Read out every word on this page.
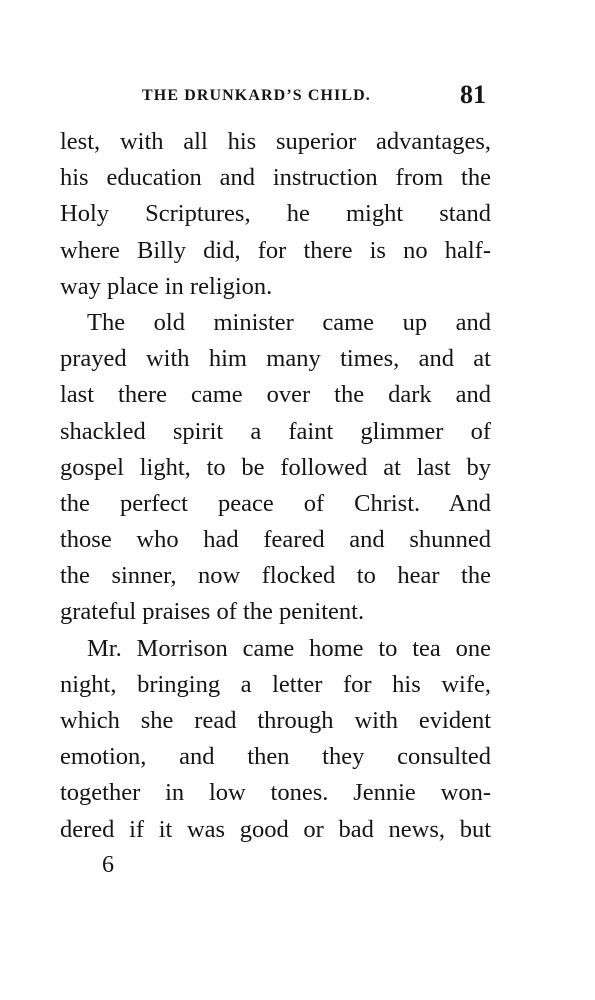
THE DRUNKARD’S CHILD.	81
lest, with all his superior advantages,
his education and instruction from the
Holy Scriptures, he might stand
where Billy did, for there is no half-
way place in religion.
The old minister came up and
prayed with him many times, and at
last there came over the dark and
shackled spirit a faint glimmer of
gospel light, to be followed at last by
the perfect peace of Christ. And
those who had feared and shunned
the sinner, now flocked to hear the
grateful praises of the penitent.
Mr. Morrison came home to tea one
night, bringing a letter for his wife,
which she read through with evident
emotion, and then they consulted
together in low tones. Jennie won-
dered if it was good or bad news, but
6
